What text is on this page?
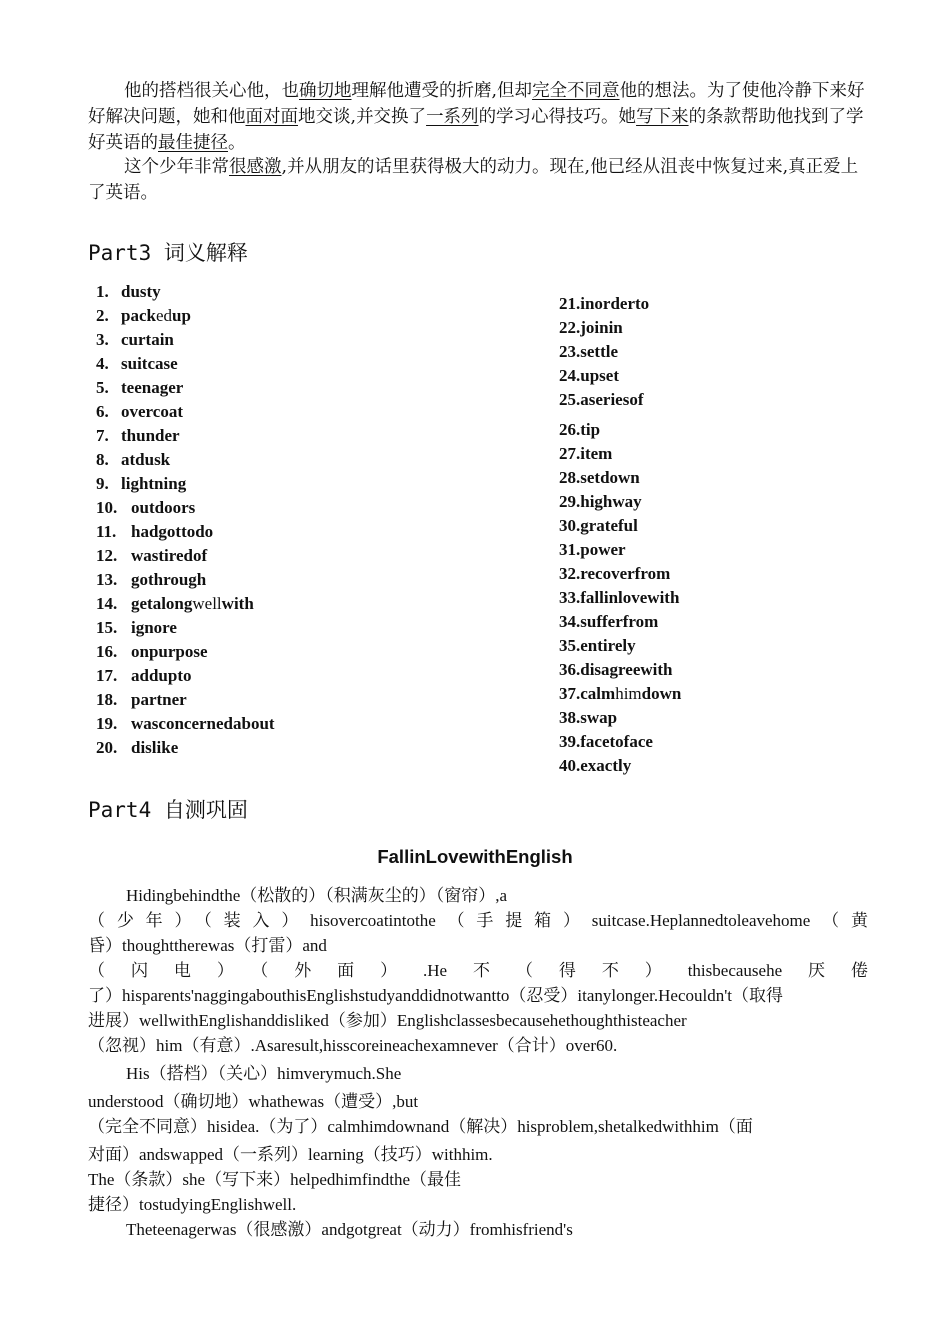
他的搭档很关心他，也确切地理解他遭受的折磨,但却完全不同意他的想法。为了使他冷静下来好好解决问题，她和他面对面地交谈,并交换了一系列的学习心得技巧。她写下来的条款帮助他找到了学好英语的最佳捷径。

这个少年非常很感激,并从朋友的话里获得极大的动力。现在,他已经从沮丧中恢复过来,真正爱上了英语。

Part3 词义解释
1. dusty
2. packedup
3. curtain
4. suitcase
5. teenager
6. overcoat
7. thunder
8. atdusk
9. lightning
10. outdoors
11. hadgottodo
12. wastiredof
13. gothrough
14. getalongwellwith
15. ignore
16. onpurpose
17. addupto
18. partner
19. wasconcernedabout
20. dislike
21.inorderto
22.joinin
23.settle
24.upset
25.aseriesof
26.tip
27.item
28.setdown
29.highway
30.grateful
31.power
32.recoverfrom
33.fallinlovewith
34.sufferfrom
35.entirely
36.disagreewith
37.calmhimdown
38.swap
39.facetoface
40.exactly
Part4 自测巩固
FallinLovewithEnglish

Hidingbehindthe（松散的）（积满灰尘的）（窗帘）,a

（少年）（装入）hisovercoatintothe（手提箱）suitcase.Heplannedtoleavehome（黄

昏）thoughttherewas（打雷）and

（闪电）（外面）.He不（得不）thisbecausehe厌倦

了）hisparents'naggingabouthisEnglishstudyanddidnotwantto（忍受）itanylonger.Hecouldn't（取得

进展）wellwithEnglishanddisliked（参加）Englishclassesbecausehethoughthisteacher

（忽视）him（有意）.Asaresult,hisscoreineachexamnever（合计）over60.

His（搭档）（关心）himverymuch.She

understood（确切地）whathewas（遭受）,but

（完全不同意）hisidea.（为了）calmhimdownand（解决）hisproblem,shetalkedwithhim（面

对面）andswapped（一系列）learning（技巧）withhim.

The（条款）she（写下来）helpedhimfindthe（最佳

捷径）tostudyingEnglishwell.

Theteenagerwas（很感激）andgotgreat（动力）fromhisfriend's
